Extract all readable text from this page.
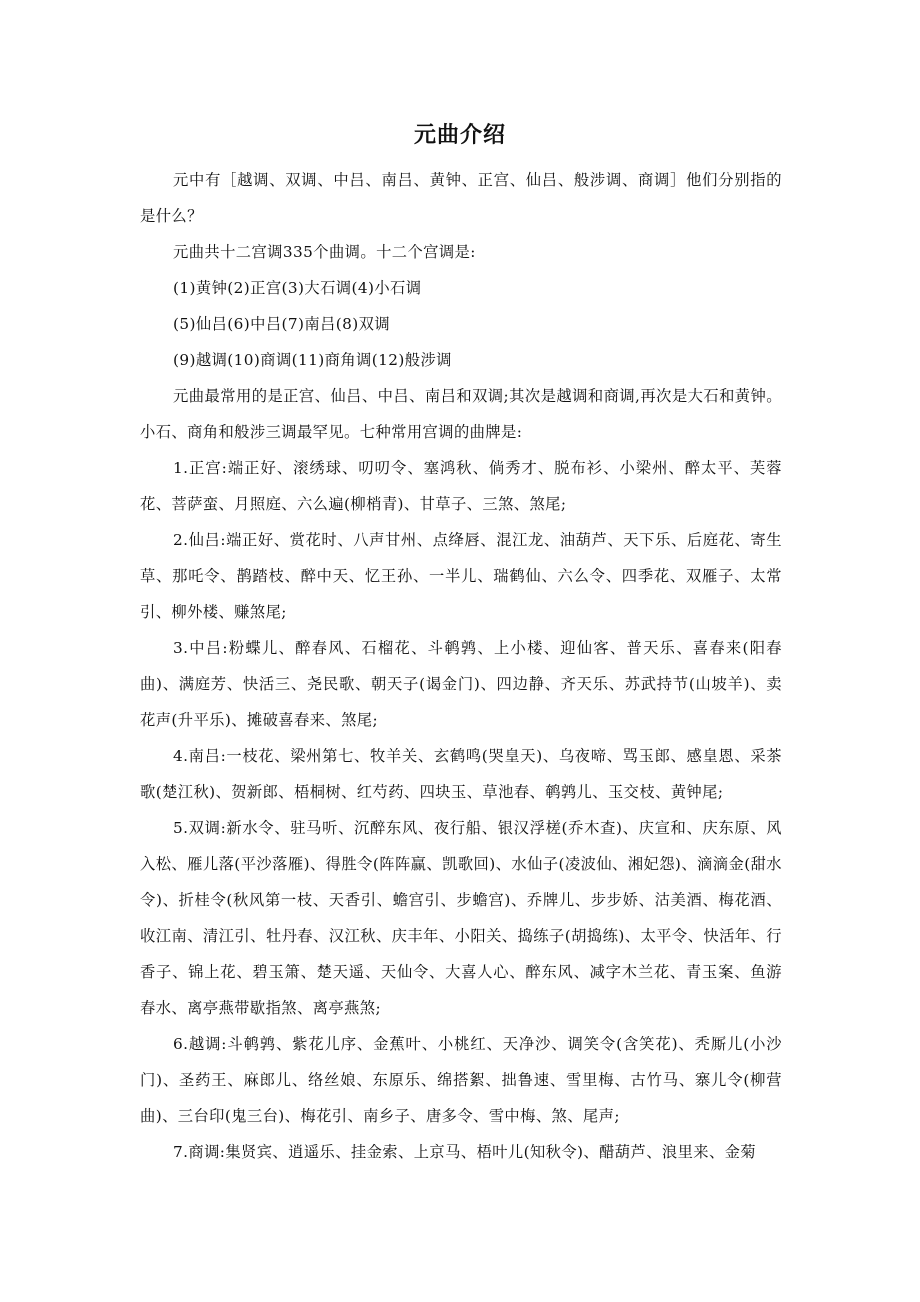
元曲介绍

元中有［越调、双调、中吕、南吕、黄钟、正宫、仙吕、般涉调、商调］他们分别指的是什么？

元曲共十二宫调335个曲调。十二个宫调是:

(1)黄钟(2)正宫(3)大石调(4)小石调

(5)仙吕(6)中吕(7)南吕(8)双调

(9)越调(10)商调(11)商角调(12)般涉调

元曲最常用的是正宫、仙吕、中吕、南吕和双调;其次是越调和商调,再次是大石和黄钟。小石、商角和般涉三调最罕见。七种常用宫调的曲牌是:

1.正宫:端正好、滚绣球、叨叨令、塞鸿秋、倘秀才、脱布衫、小梁州、醉太平、芙蓉花、菩萨蛮、月照庭、六么遍(柳梢青)、甘草子、三煞、煞尾;

2.仙吕:端正好、赏花时、八声甘州、点绛唇、混江龙、油葫芦、天下乐、后庭花、寄生草、那吒令、鹊踏枝、醉中天、忆王孙、一半儿、瑞鹤仙、六么令、四季花、双雁子、太常引、柳外楼、赚煞尾;

3.中吕:粉蝶儿、醉春风、石榴花、斗鹌鹑、上小楼、迎仙客、普天乐、喜春来(阳春曲)、满庭芳、快活三、尧民歌、朝天子(谒金门)、四边静、齐天乐、苏武持节(山坡羊)、卖花声(升平乐)、摊破喜春来、煞尾;

4.南吕:一枝花、梁州第七、牧羊关、玄鹤鸣(哭皇天)、乌夜啼、骂玉郎、感皇恩、采茶歌(楚江秋)、贺新郎、梧桐树、红芍药、四块玉、草池春、鹌鹑儿、玉交枝、黄钟尾;

5.双调:新水令、驻马听、沉醉东风、夜行船、银汉浮槎(乔木查)、庆宣和、庆东原、风入松、雁儿落(平沙落雁)、得胜令(阵阵赢、凯歌回)、水仙子(凌波仙、湘妃怨)、滴滴金(甜水令)、折桂令(秋风第一枝、天香引、蟾宫引、步蟾宫)、乔牌儿、步步娇、沽美酒、梅花酒、收江南、清江引、牡丹春、汉江秋、庆丰年、小阳关、捣练子(胡捣练)、太平令、快活年、行香子、锦上花、碧玉箫、楚天遥、天仙令、大喜人心、醉东风、减字木兰花、青玉案、鱼游春水、离亭燕带歇指煞、离亭燕煞;

6.越调:斗鹌鹑、紫花儿序、金蕉叶、小桃红、天净沙、调笑令(含笑花)、秃厮儿(小沙门)、圣药王、麻郎儿、络丝娘、东原乐、绵搭絮、拙鲁速、雪里梅、古竹马、寨儿令(柳营曲)、三台印(鬼三台)、梅花引、南乡子、唐多令、雪中梅、煞、尾声;

7.商调:集贤宾、逍遥乐、挂金索、上京马、梧叶儿(知秋令)、醋葫芦、浪里来、金菊
